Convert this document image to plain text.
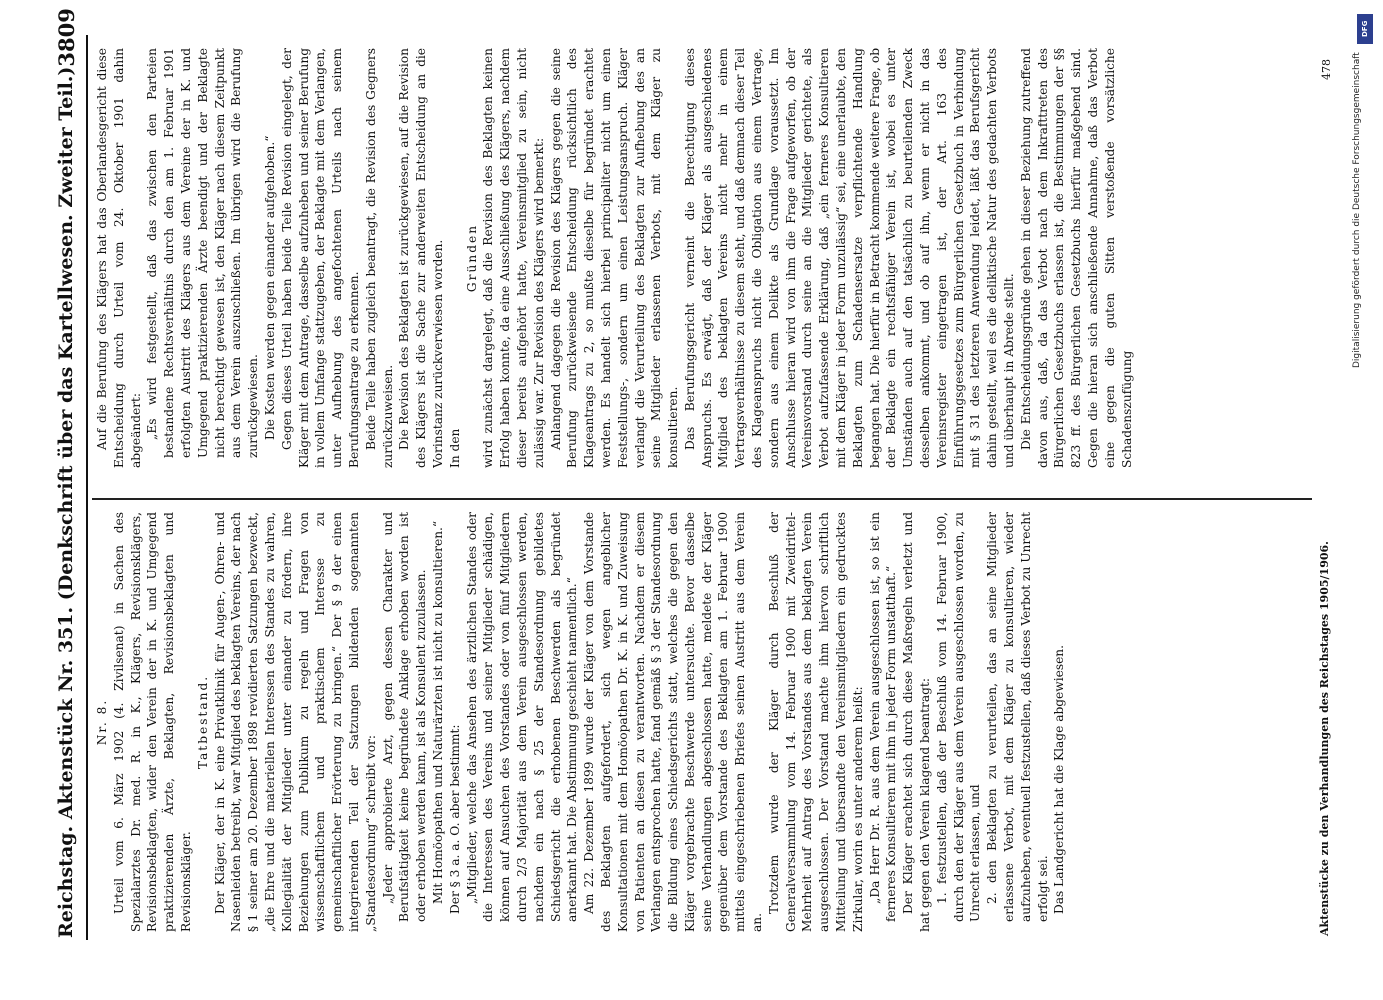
Reichstag. Aktenstück Nr. 351. (Denkschrift über das Kartellwesen. Zweiter Teil.)
3809

Nr. 8. Urteil vom 6. März 1902 (4. Zivilsenat) in Sachen des Spezialarztes Dr. med. R. in K., Klägers, Revisionsklägers, Revisionsbeklagten, wider den Verein der in K. und Umgegend praktizierenden Ärzte, Beklagten, Revisionsbeklagten und Revisionskläger.

Tatbestand. Der Kläger, der in K. eine Privatklinik für Augen-, Ohren- und Nasenleiden betreibt, war Mitglied des beklagten Vereins, der nach § 1 seiner am 20. Dezember 1898 revidierten Satzungen bezweckt, „die Ehre und die materiellen Interessen des Standes zu wahren, Kollegialität der Mitglieder unter einander zu fördern, ihre Beziehungen zum Publikum zu regeln und Fragen von wissenschaftlichem und praktischem Interesse zu gemeinschaftlicher Erörterung zu bringen.“ Der § 9 der einen integrierenden Teil der Satzungen bildenden sogenannten „Standesordnung“ schreibt vor: „Jeder approbierte Arzt, gegen dessen Charakter und Berufstätigkeit keine begründete Anklage erhoben worden ist oder erhoben werden kann, ist als Konsulent zuzulassen. Mit Homöopathen und Naturärzten ist nicht zu konsultieren.“ Der § 3 a. a. O. aber bestimmt: „Mitglieder, welche das Ansehen des ärztlichen Standes oder die Interessen des Vereins und seiner Mitglieder schädigen, können auf Ansuchen des Vorstandes oder von fünf Mitgliedern durch 2/3 Majorität aus dem Verein ausgeschlossen werden, nachdem ein nach § 25 der Standesordnung gebildetes Schiedsgericht die erhobenen Beschwerden als begründet anerkannt hat. Die Abstimmung geschieht namentlich.“ Am 22. Dezember 1899 wurde der Kläger von dem Vorstande des Beklagten aufgefordert, sich wegen angeblicher Konsultationen mit dem Homöopathen Dr. K. in K. und Zuweisung von Patienten an diesen zu verantworten. Nachdem er diesem Verlangen entsprochen hatte, fand gemäß § 3 der Standesordnung die Bildung eines Schiedsgerichts statt, welches die gegen den Kläger vorgebrachte Beschwerde untersuchte. Bevor dasselbe seine Verhandlungen abgeschlossen hatte, meldete der Kläger gegenüber dem Vorstande des Beklagten am 1. Februar 1900 mittels eingeschriebenen Briefes seinen Austritt aus dem Verein an.

Trotzdem wurde der Kläger durch Beschluß der Generalversammlung vom 14. Februar 1900 mit Zweidrittel-Mehrheit auf Antrag des Vorstandes aus dem beklagten Verein ausgeschlossen. Der Vorstand machte ihm hiervon schriftlich Mitteilung und übersandte den Vereinsmitgliedern ein gedrucktes Zirkular, worin es unter anderem heißt: „Da Herr Dr. R. aus dem Verein ausgeschlossen ist, so ist ein ferneres Konsultieren mit ihm in jeder Form unstatthaft.“ Der Kläger erachtet sich durch diese Maßregeln verletzt und hat gegen den Verein klagend beantragt: 1. festzustellen, daß der Beschluß vom 14. Februar 1900, durch den der Kläger aus dem Verein ausgeschlossen worden, zu Unrecht erlassen, und 2. den Beklagten zu verurteilen, das an seine Mitglieder erlassene Verbot, mit dem Kläger zu konsultieren, wieder aufzuheben, eventuell festzustellen, daß dieses Verbot zu Unrecht erfolgt sei. Das Landgericht hat die Klage abgewiesen.

Auf die Berufung des Klägers hat das Oberlandesgericht diese Entscheidung durch Urteil vom 24. Oktober 1901 dahin abgeändert: „Es wird festgestellt, daß das zwischen den Parteien bestandene Rechtsverhältnis durch den am 1. Februar 1901 erfolgten Austritt des Klägers aus dem Vereine der in K. und Umgegend praktizierenden Ärzte beendigt und der Beklagte nicht berechtigt gewesen ist, den Kläger nach diesem Zeitpunkt aus dem Verein auszuschließen. Im übrigen wird die Berufung zurückgewiesen. Die Kosten werden gegen einander aufgehoben.“ Gegen dieses Urteil haben beide Teile Revision eingelegt, der Kläger mit dem Antrage, dasselbe aufzuheben und seiner Berufung in vollem Umfange stattzugeben, der Beklagte mit dem Verlangen, unter Aufhebung des angefochtenen Urteils nach seinem Berufungsantrage zu erkennen. Beide Teile haben zugleich beantragt, die Revision des Gegners zurückzuweisen. Die Revision des Beklagten ist zurückgewiesen, auf die Revision des Klägers ist die Sache zur anderweiten Entscheidung an die Vorinstanz zurückverwiesen worden. In den

Gründen wird zunächst dargelegt, daß die Revision des Beklagten keinen Erfolg haben konnte, da eine Ausschließung des Klägers, nachdem dieser bereits aufgehört hatte, Vereinsmitglied zu sein, nicht zulässig war. Zur Revision des Klägers wird bemerkt: Anlangend dagegen die Revision des Klägers gegen die seine Berufung zurückweisende Entscheidung rücksichtlich des Klageantrags zu 2, so mußte dieselbe für begründet erachtet werden. Es handelt sich hierbei principaliter nicht um einen Feststellungs-, sondern um einen Leistungsanspruch. Kläger verlangt die Verurteilung des Beklagten zur Aufhebung des an seine Mitglieder erlassenen Verbots, mit dem Kläger zu konsultieren. Das Berufungsgericht verneint die Berechtigung dieses Anspruchs. Es erwägt, daß der Kläger als ausgeschiedenes Mitglied des beklagten Vereins nicht mehr in einem Vertragsverhältnisse zu diesem steht, und daß demnach dieser Teil des Klageanspruchs nicht die Obligation aus einem Vertrage, sondern aus einem Delikte als Grundlage voraussetzt. Im Anschlusse hieran wird von ihm die Frage aufgeworfen, ob der Vereinsvorstand durch seine an die Mitglieder gerichtete, als Verbot aufzufassende Erklärung, daß „ein ferneres Konsultieren mit dem Kläger in jeder Form unzulässig“ sei, eine unerlaubte, den Beklagten zum Schadensersatze verpflichtende Handlung begangen hat. Die hierfür in Betracht kommende weitere Frage, ob der Beklagte ein rechtsfähiger Verein ist, wobei es unter Umständen auch auf den tatsächlich zu beurteilenden Zweck desselben ankommt, und ob auf ihn, wenn er nicht in das Vereinsregister eingetragen ist, der Art. 163 des Einführungsgesetzes zum Bürgerlichen Gesetzbuch in Verbindung mit § 31 des letzteren Anwendung leidet, läßt das Berufsgericht dahin gestellt, weil es die deliktische Natur des gedachten Verbots und überhaupt in Abrede stellt. Die Entscheidungsgründe gehen in dieser Beziehung zutreffend davon aus, daß, da das Verbot nach dem Inkrafttreten des Bürgerlichen Gesetzbuchs erlassen ist, die Bestimmungen der §§ 823 ff. des Bürgerlichen Gesetzbuchs hierfür maßgebend sind. Gegen die hieran sich anschließende Annahme, daß das Verbot eine gegen die guten Sitten verstoßende vorsätzliche Schadenszufügung

Aktenstücke zu den Verhandlungen des Reichstages 1905/1906.
478
DFG
Digitalisierung gefördert durch die Deutsche Forschungsgemeinschaft
